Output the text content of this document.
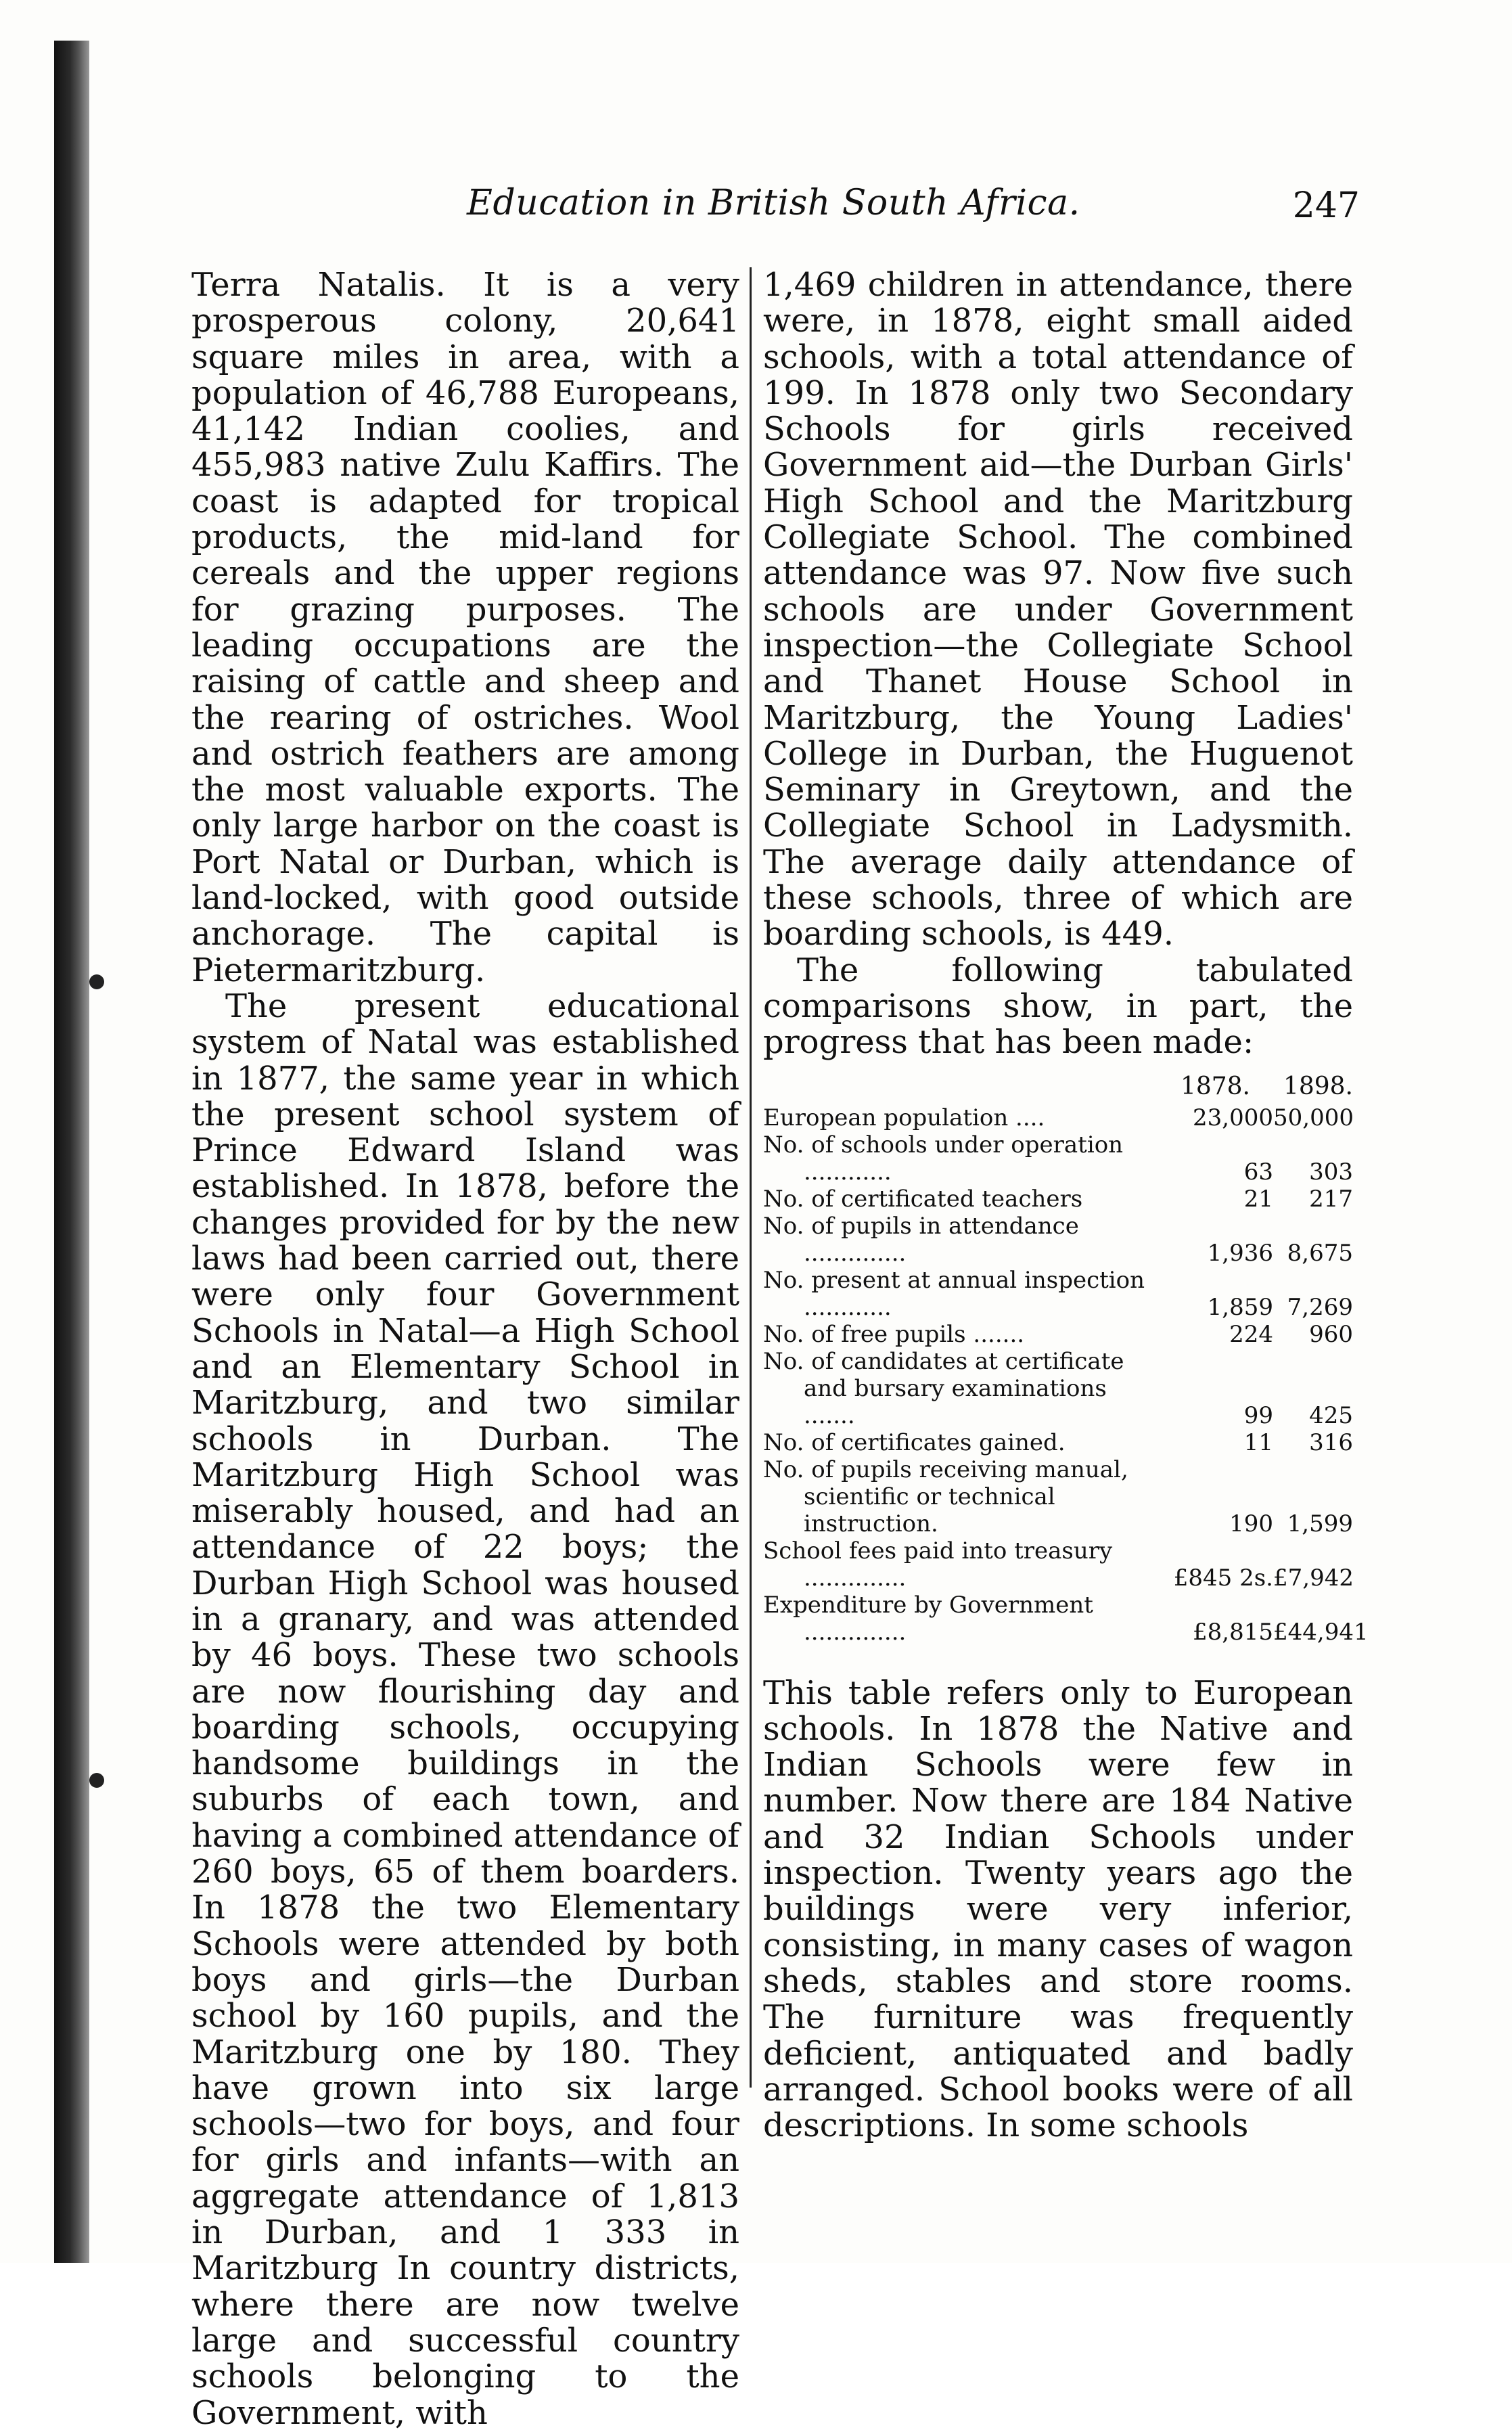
Education in British South Africa.	247

Terra Natalis. It is a very prosperous colony, 20,641 square miles in area, with a population of 46,788 Europeans, 41,142 Indian coolies, and 455,983 native Zulu Kaffirs. The coast is adapted for tropical products, the mid-land for cereals and the upper regions for grazing purposes. The leading occupations are the raising of cattle and sheep and the rearing of ostriches. Wool and ostrich feathers are among the most valuable exports. The only large harbor on the coast is Port Natal or Durban, which is land-locked, with good outside anchorage. The capital is Pietermaritzburg.

The present educational system of Natal was established in 1877, the same year in which the present school system of Prince Edward Island was established. In 1878, before the changes provided for by the new laws had been carried out, there were only four Government Schools in Natal—a High School and an Elementary School in Maritzburg, and two similar schools in Durban. The Maritzburg High School was miserably housed, and had an attendance of 22 boys; the Durban High School was housed in a granary, and was attended by 46 boys. These two schools are now flourishing day and boarding schools, occupying handsome buildings in the suburbs of each town, and having a combined attendance of 260 boys, 65 of them boarders. In 1878 the two Elementary Schools were attended by both boys and girls—the Durban school by 160 pupils, and the Maritzburg one by 180. They have grown into six large schools—two for boys, and four for girls and infants—with an aggregate attendance of 1,813 in Durban, and 1 333 in Maritzburg In country districts, where there are now twelve large and successful country schools belonging to the Government, with

1,469 children in attendance, there were, in 1878, eight small aided schools, with a total attendance of 199. In 1878 only two Secondary Schools for girls received Government aid—the Durban Girls' High School and the Maritzburg Collegiate School. The combined attendance was 97. Now five such schools are under Government inspection—the Collegiate School and Thanet House School in Maritzburg, the Young Ladies' College in Durban, the Huguenot Seminary in Greytown, and the Collegiate School in Ladysmith. The average daily attendance of these schools, three of which are boarding schools, is 449.

The following tabulated comparisons show, in part, the progress that has been made:

1878.	1898.
European population ....	23,000 50,000
No. of schools under operation ............	63	303
No. of certificated teachers	21	217
No. of pupils in attendance ..............	1,936 8,675
No. present at annual inspection ............	1,859 7,269
No. of free pupils .......	224	960
No. of candidates at certificate and bursary examinations .......	99	425
No. of certificates gained.	11	316
No. of pupils receiving manual, scientific or technical instruction.	190 1,599
School fees paid into treasury ..............	£845 2s. £7,942
Expenditure by Government ..............	£8,815 £44,941

This table refers only to European schools. In 1878 the Native and Indian Schools were few in number. Now there are 184 Native and 32 Indian Schools under inspection. Twenty years ago the buildings were very inferior, consisting, in many cases of wagon sheds, stables and store rooms. The furniture was frequently deficient, antiquated and badly arranged. School books were of all descriptions. In some schools
